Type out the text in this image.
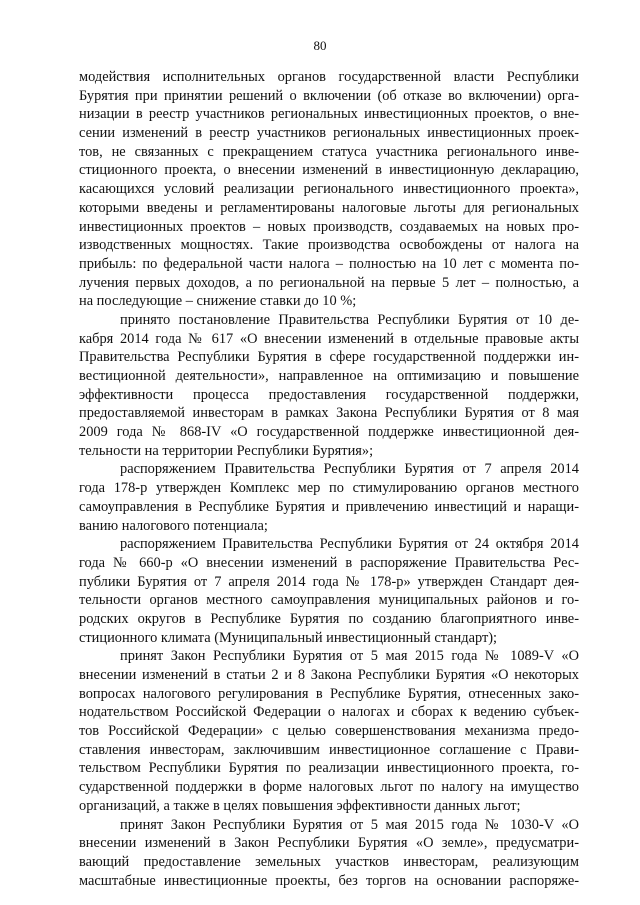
80
модействия исполнительных органов государственной власти Республики
Бурятия при принятии решений о включении (об отказе во включении) орга-
низации в реестр участников региональных инвестиционных проектов, о вне-
сении изменений в реестр участников региональных инвестиционных проек-
тов, не связанных с прекращением статуса участника регионального инве-
стиционного проекта, о внесении изменений в инвестиционную декларацию,
касающихся условий реализации регионального инвестиционного проекта»,
которыми введены и регламентированы налоговые льготы для региональных
инвестиционных проектов – новых производств, создаваемых на новых про-
изводственных мощностях. Такие производства освобождены от налога на
прибыль: по федеральной части налога – полностью на 10 лет с момента по-
лучения первых доходов, а по региональной на первые 5 лет – полностью, а
на последующие – снижение ставки до 10 %;
принято постановление Правительства Республики Бурятия от 10 де-
кабря 2014 года № 617 «О внесении изменений в отдельные правовые акты
Правительства Республики Бурятия в сфере государственной поддержки ин-
вестиционной деятельности», направленное на оптимизацию и повышение
эффективности процесса предоставления государственной поддержки,
предоставляемой инвесторам в рамках Закона Республики Бурятия от 8 мая
2009 года № 868-IV «О государственной поддержке инвестиционной дея-
тельности на территории Республики Бурятия»;
распоряжением Правительства Республики Бурятия от 7 апреля 2014
года 178-р утвержден Комплекс мер по стимулированию органов местного
самоуправления в Республике Бурятия и привлечению инвестиций и наращи-
ванию налогового потенциала;
распоряжением Правительства Республики Бурятия от 24 октября 2014
года № 660-р «О внесении изменений в распоряжение Правительства Рес-
публики Бурятия от 7 апреля 2014 года № 178-р» утвержден Стандарт дея-
тельности органов местного самоуправления муниципальных районов и го-
родских округов в Республике Бурятия по созданию благоприятного инве-
стиционного климата (Муниципальный инвестиционный стандарт);
принят Закон Республики Бурятия от 5 мая 2015 года № 1089-V «О
внесении изменений в статьи 2 и 8 Закона Республики Бурятия «О некоторых
вопросах налогового регулирования в Республике Бурятия, отнесенных зако-
нодательством Российской Федерации о налогах и сборах к ведению субъек-
тов Российской Федерации» с целью совершенствования механизма предо-
ставления инвесторам, заключившим инвестиционное соглашение с Прави-
тельством Республики Бурятия по реализации инвестиционного проекта, го-
сударственной поддержки в форме налоговых льгот по налогу на имущество
организаций, а также в целях повышения эффективности данных льгот;
принят Закон Республики Бурятия от 5 мая 2015 года № 1030-V «О
внесении изменений в Закон Республики Бурятия «О земле», предусматри-
вающий предоставление земельных участков инвесторам, реализующим
масштабные инвестиционные проекты, без торгов на основании распоряже-
